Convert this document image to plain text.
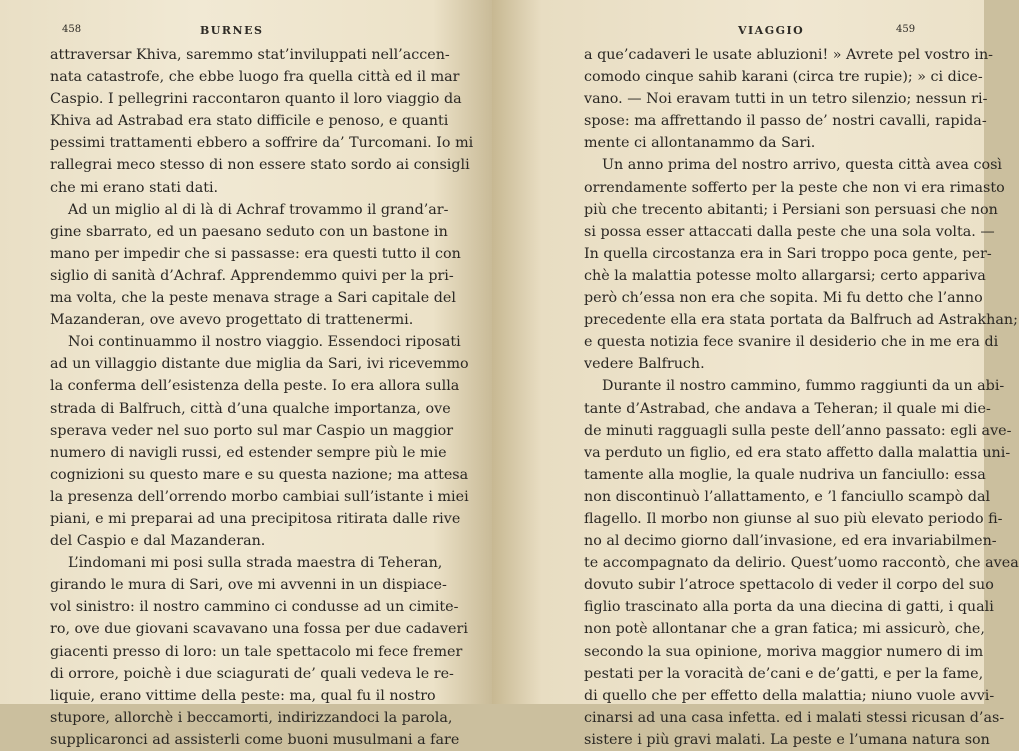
458	BURNES
attraversar Khiva, saremmo stat’inviluppati nell’accen-
nata catastrofe, che ebbe luogo fra quella città ed il mar
Caspio. I pellegrini raccontaron quanto il loro viaggio da
Khiva ad Astrabad era stato difficile e penoso, e quanti
pessimi trattamenti ebbero a soffrire da’ Turcomani. Io mi
rallegrai meco stesso di non essere stato sordo ai consigli
che mi erano stati dati.
Ad un miglio al di là di Achraf trovammo il grand’ar-
gine sbarrato, ed un paesano seduto con un bastone in
mano per impedir che si passasse: era questi tutto il con
siglio di sanità d’Achraf. Apprendemmo quivi per la pri-
ma volta, che la peste menava strage a Sari capitale del
Mazanderan, ove avevo progettato di trattenermi.
Noi continuammo il nostro viaggio. Essendoci riposati
ad un villaggio distante due miglia da Sari, ivi ricevemmo
la conferma dell’esistenza della peste. Io era allora sulla
strada di Balfruch, città d’una qualche importanza, ove
speravа veder nel suo porto sul mar Caspio un maggior
numero di navigli russi, ed estender sempre più le mie
cognizioni su questo mare e su questa nazione; ma attesa
la presenza dell’orrendo morbo cambiai sull’istante i miei
piani, e mi preparai ad una precipitosa ritirata dalle rive
del Caspio e dal Mazanderan.
L’indomani mi posi sulla strada maestra di Teheran,
girando le mura di Sari, ove mi avvenni in un dispiace-
vol sinistro: il nostro cammino ci condusse ad un cimite-
ro, ove due giovani scavavano una fossa per due cadaveri
giacenti presso di loro: un tale spettacolo mi fece fremer
di orrore, poichè i due sciagurati de’ quali vedeva le re-
liquie, erano vittime della peste: ma, qual fu il nostro
stupore, allorchè i beccamorti, indirizzandoci la parola,
supplicaronci ad assisterli come buoni musulmani a fare
VIAGGIO	459
a que’cadaveri le usate abluzioni! » Avrete pel vostro in-
comodo cinque sahib karani (circa tre rupie); » ci dice-
vano. — Noi eravam tutti in un tetro silenzio; nessun ri-
spose: ma affrettando il passo de’ nostri cavalli, rapida-
mente ci allontanammo da Sari.
Un anno prima del nostro arrivo, questa città avea così
orrendamente sofferto per la peste che non vi era rimasto
più che trecento abitanti; i Persiani son persuasi che non
si possa esser attaccati dalla peste che una sola volta. —
In quella circostanza era in Sari troppo poca gente, per-
chè la malattia potesse molto allargarsi; certo appariva
però ch’essa non era che sopita. Mi fu detto che l’anno
precedente ella era stata portata da Balfruch ad Astrakhan;
e questa notizia fece svanire il desiderio che in me era di
vedere Balfruch.
Durante il nostro cammino, fummo raggiunti da un abi-
tante d’Astrabad, che andava a Teheran; il quale mi die-
de minuti ragguagli sulla peste dell’anno passato: egli ave-
va perduto un figlio, ed era stato affetto dalla malattia uni-
tamente alla moglie, la quale nudriva un fanciullo: essa
non discontinuò l’allattamento, e ’l fanciullo scampò dal
flagello. Il morbo non giunse al suo più elevato periodo fi-
no al decimo giorno dall’invasione, ed era invariabilmen-
te accompagnato da delirio. Quest’uomo raccontò, che avea
dovuto subir l’atroce spettacolo di veder il corpo del suo
figlio trascinato alla porta da una diecina di gatti, i quali
non potè allontanar che a gran fatica; mi assicurò, che,
secondo la sua opinione, moriva maggior numero di im
pestati per la voracità de’cani e de’gatti, e per la fame,
di quello che per effetto della malattia; niuno vuole avvi-
cinarsi ad una casa infetta. ed i malati stessi ricusan d’as-
sistere i più gravi malati. La peste e l’umana natura son
